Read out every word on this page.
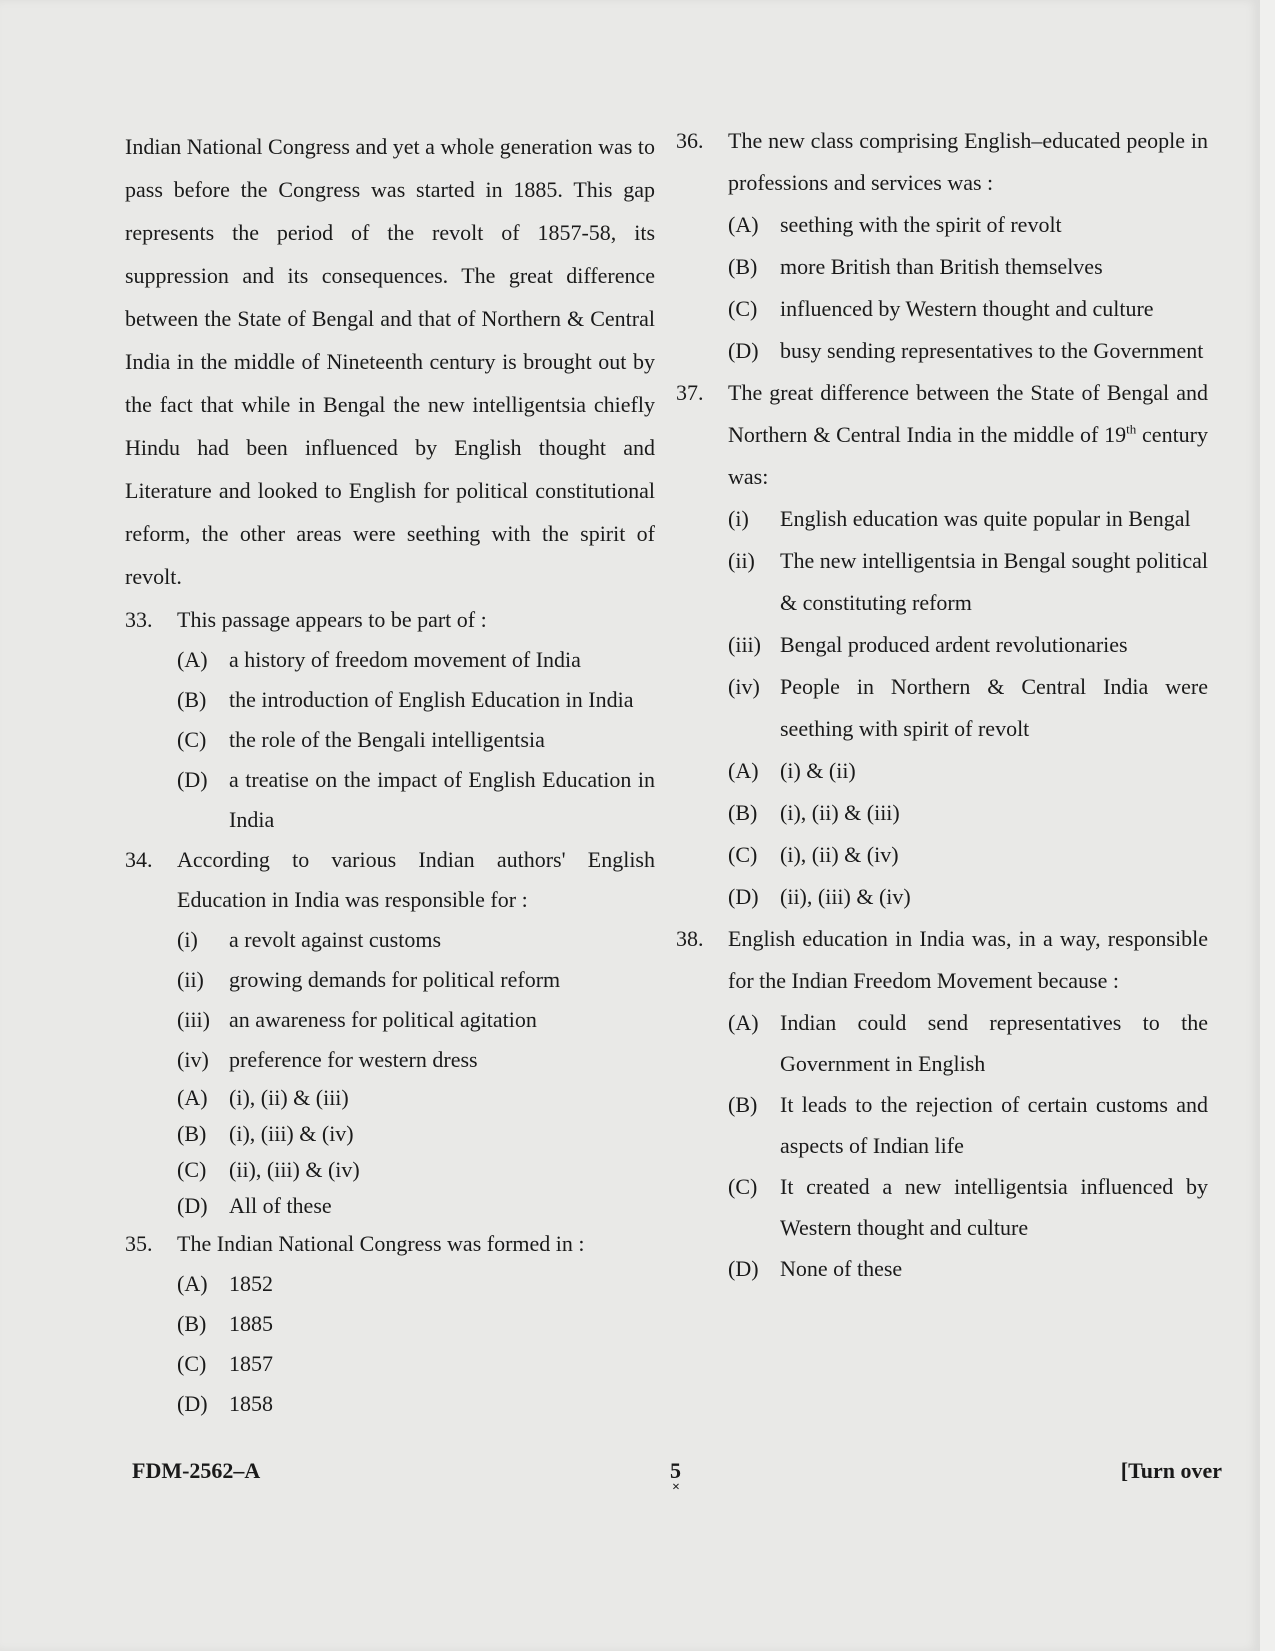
Indian National Congress and yet a whole generation was to pass before the Congress was started in 1885. This gap represents the period of the revolt of 1857-58, its suppression and its consequences. The great difference between the State of Bengal and that of Northern & Central India in the middle of Nineteenth century is brought out by the fact that while in Bengal the new intelligentsia chiefly Hindu had been influenced by English thought and Literature and looked to English for political constitutional reform, the other areas were seething with the spirit of revolt.

33.	This passage appears to be part of :
(A) a history of freedom movement of India
(B)	the introduction of English Education in India
(C)	the role of the Bengali intelligentsia
(D) a treatise on the impact of English Education in India
34.	According to various Indian authors' English Education in India was responsible for :
(i)	a revolt against customs
(ii)	growing demands for political reform
(iii) an awareness for political agitation
(iv) preference for western dress
(A) (i), (ii) & (iii)
(B)	(i), (iii) & (iv)
(C)	(ii), (iii) & (iv)
(D) All of these
35.	The Indian National Congress was formed in :
(A) 1852
(B)	1885
(C)	1857
(D) 1858
36.	The new class comprising English–educated people in professions and services was :
(A) seething with the spirit of revolt
(B)	more British than British themselves
(C)	influenced by Western thought and culture
(D) busy sending representatives to the Government
37.	The great difference between the State of Bengal and Northern & Central India in the middle of 19th century was:
(i)	English education was quite popular in Bengal
(ii)	The new intelligentsia in Bengal sought political & constituting reform
(iii) Bengal produced ardent revolutionaries
(iv) People in Northern & Central India were seething with spirit of revolt
(A) (i) & (ii)
(B)	(i), (ii) & (iii)
(C)	(i), (ii) & (iv)
(D) (ii), (iii) & (iv)
38.	English education in India was, in a way, responsible for the Indian Freedom Movement because :
(A) Indian could send representatives to the Government in English
(B)	It leads to the rejection of certain customs and aspects of Indian life
(C)	It created a new intelligentsia influenced by Western thought and culture
(D) None of these
FDM-2562–A	5
×
[Turn over
